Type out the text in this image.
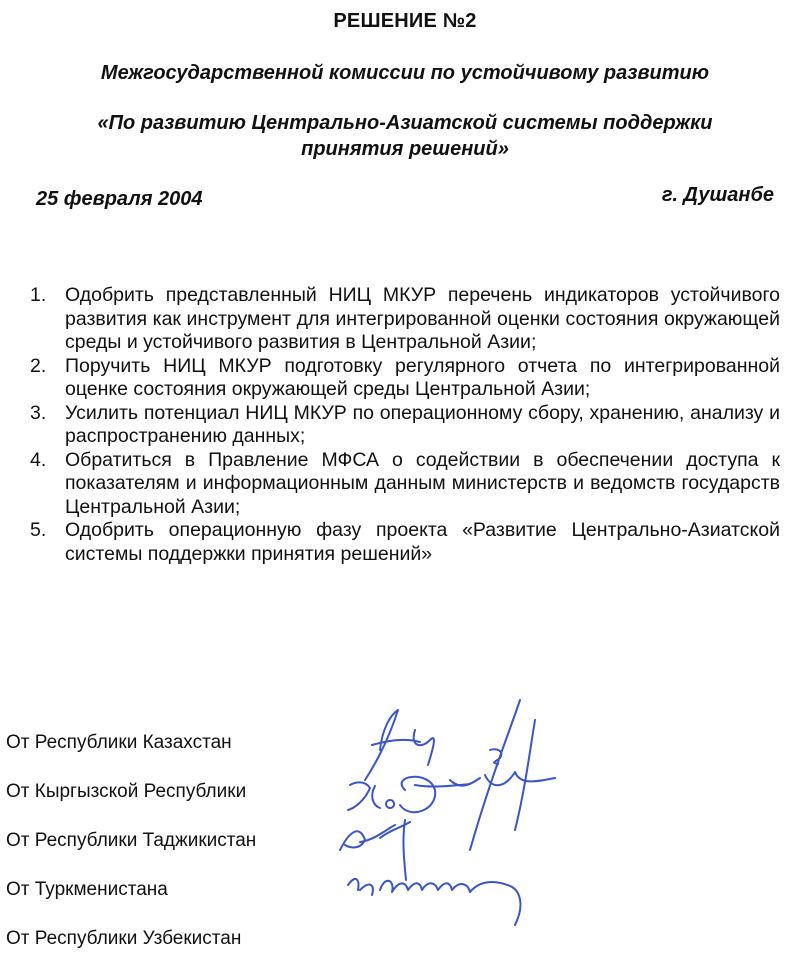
РЕШЕНИЕ №2
Межгосударственной комиссии по устойчивому развитию
«По развитию Центрально-Азиатской системы поддержки
принятия решений»
25 февраля 2004	г. Душанбе
1. Одобрить представленный НИЦ МКУР перечень индикаторов устойчивого развития как инструмент для интегрированной оценки состояния окружающей среды и устойчивого развития в Центральной Азии;
2. Поручить НИЦ МКУР подготовку регулярного отчета по интегрированной оценке состояния окружающей среды Центральной Азии;
3. Усилить потенциал НИЦ МКУР по операционному сбору, хранению, анализу и распространению данных;
4. Обратиться в Правление МФСА о содействии в обеспечении доступа к показателям и информационным данным министерств и ведомств государств Центральной Азии;
5. Одобрить операционную фазу проекта «Развитие Центрально-Азиатской системы поддержки принятия решений»
От Республики Казахстан
От Кыргызской Республики
От Республики Таджикистан
От Туркменистана
От Республики Узбекистан
